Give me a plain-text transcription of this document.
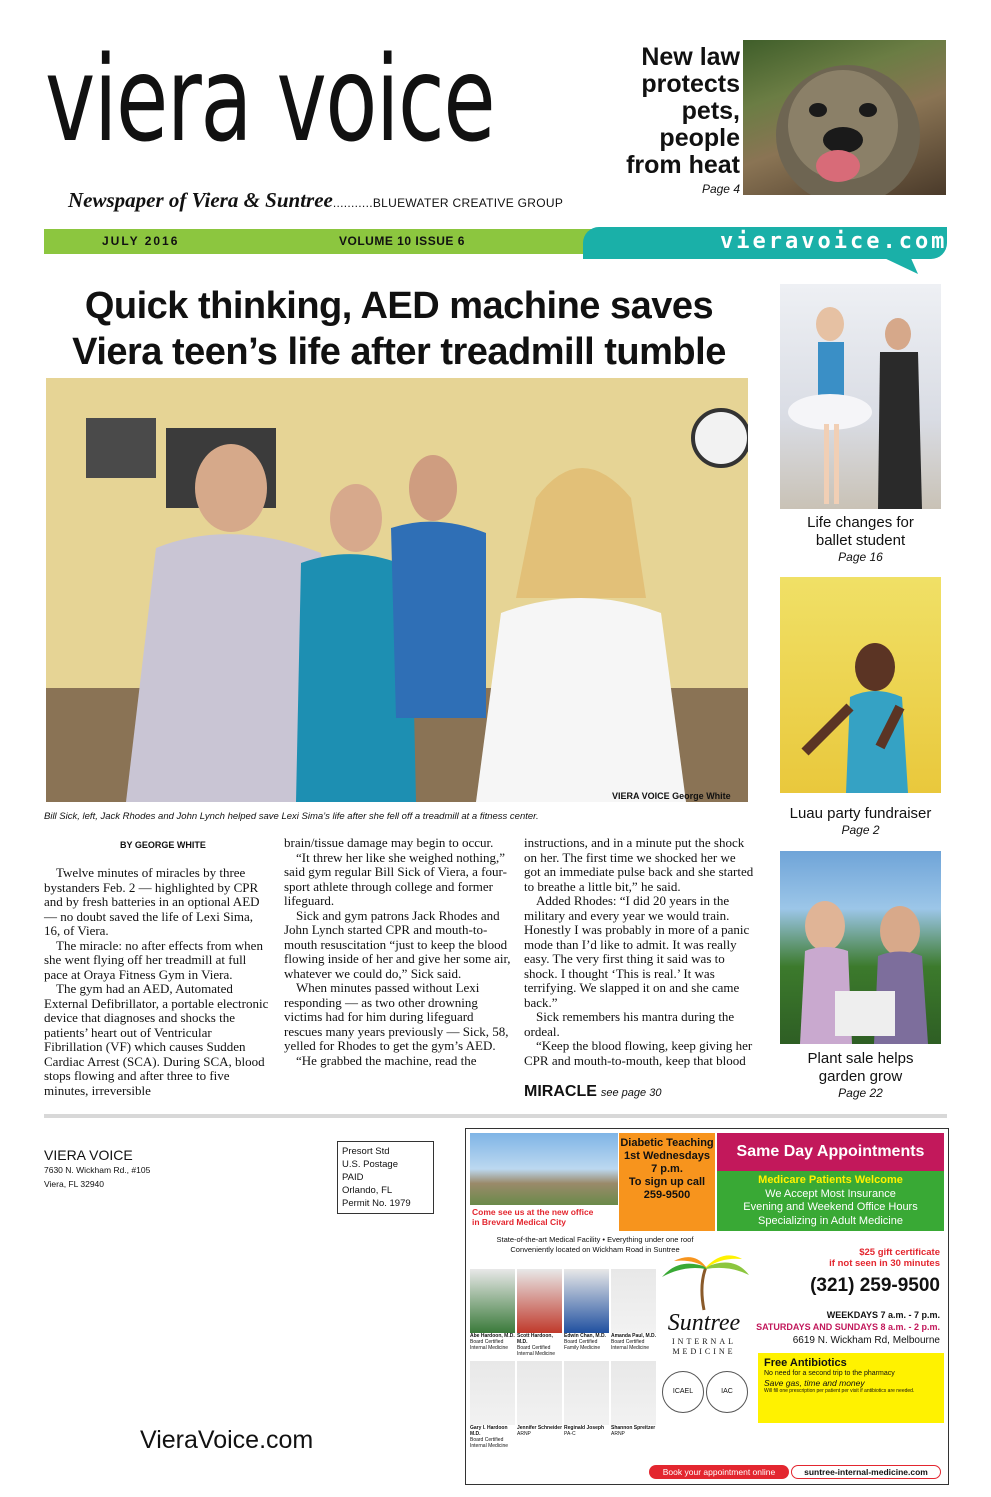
viera voice
Newspaper of Viera & Suntree...........BLUEWATER CREATIVE GROUP
New law
protects
pets,
people
from heat
Page 4
JULY 2016	VOLUME 10 ISSUE 6	vieravoice.com
Quick thinking, AED machine saves
Viera teen’s life after treadmill tumble
VIERA VOICE George White
Bill Sick, left, Jack Rhodes and John Lynch helped save Lexi Sima’s life after she fell off a treadmill at a fitness center.
BY GEORGE WHITE

Twelve minutes of miracles by three bystanders Feb. 2 — highlighted by CPR and by fresh batteries in an optional AED — no doubt saved the life of Lexi Sima, 16, of Viera.

The miracle: no after effects from when she went flying off her treadmill at full pace at Oraya Fitness Gym in Viera.

The gym had an AED, Automated External Defibrillator, a portable electronic device that diagnoses and shocks the patients’ heart out of Ventricular Fibrillation (VF) which causes Sudden Cardiac Arrest (SCA). During SCA, blood stops flowing and after three to five minutes, irreversible

brain/tissue damage may begin to occur.

“It threw her like she weighed nothing,” said gym regular Bill Sick of Viera, a four-sport athlete through college and former lifeguard.

Sick and gym patrons Jack Rhodes and John Lynch started CPR and mouth-to-mouth resuscitation “just to keep the blood flowing inside of her and give her some air, whatever we could do,” Sick said.

When minutes passed without Lexi responding — as two other drowning victims had for him during lifeguard rescues many years previously — Sick, 58, yelled for Rhodes to get the gym’s AED.

“He grabbed the machine, read the

instructions, and in a minute put the shock on her. The first time we shocked her we got an immediate pulse back and she started to breathe a little bit,” he said.

Added Rhodes: “I did 20 years in the military and every year we would train. Honestly I was probably in more of a panic mode than I’d like to admit. It was really easy. The very first thing it said was to shock. I thought ‘This is real.’ It was terrifying. We slapped it on and she came back.”

Sick remembers his mantra during the ordeal.

“Keep the blood flowing, keep giving her CPR and mouth-to-mouth, keep that blood

MIRACLE see page 30
Life changes for
ballet student
Page 16
Luau party fundraiser
Page 2
Plant sale helps
garden grow
Page 22
VIERA VOICE
7630 N. Wickham Rd., #105
Viera, FL 32940
Presort Std
U.S. Postage
PAID
Orlando, FL
Permit No. 1979
VieraVoice.com
Come see us at the new office
in Brevard Medical City
Diabetic Teaching
1st Wednesdays
7 p.m.
To sign up call
259-9500
Same Day Appointments
Medicare Patients Welcome
We Accept Most Insurance
Evening and Weekend Office Hours
Specializing in Adult Medicine
State-of-the-art Medical Facility • Everything under one roof
Conveniently located on Wickham Road in Suntree	$25 gift certificate
if not seen in 30 minutes
(321) 259-9500
WEEKDAYS 7 a.m. - 7 p.m.
SATURDAYS AND SUNDAYS 8 a.m. - 2 p.m.
6619 N. Wickham Rd, Melbourne
Suntree
INTERNAL
MEDICINE
Abe Hardoon, M.D.
Board Certified Internal Medicine
Scott Hardoon, M.D.
Board Certified Internal Medicine
Edwin Chan, M.D.
Board Certified Family Medicine
Amanda Paul, M.D.
Board Certified Internal Medicine
Gary I. Hardoon M.D.
Board Certified Internal Medicine
Jennifer Schneider
ARNP
Reginald Joseph
PA-C
Shannon Spreitzer
ARNP
ICAEL	IAC
Free Antibiotics
No need for a second trip to the pharmacy
Save gas, time and money
Will fill one prescription per patient per visit if antibiotics are needed.
Book your appointment online	suntree-internal-medicine.com
